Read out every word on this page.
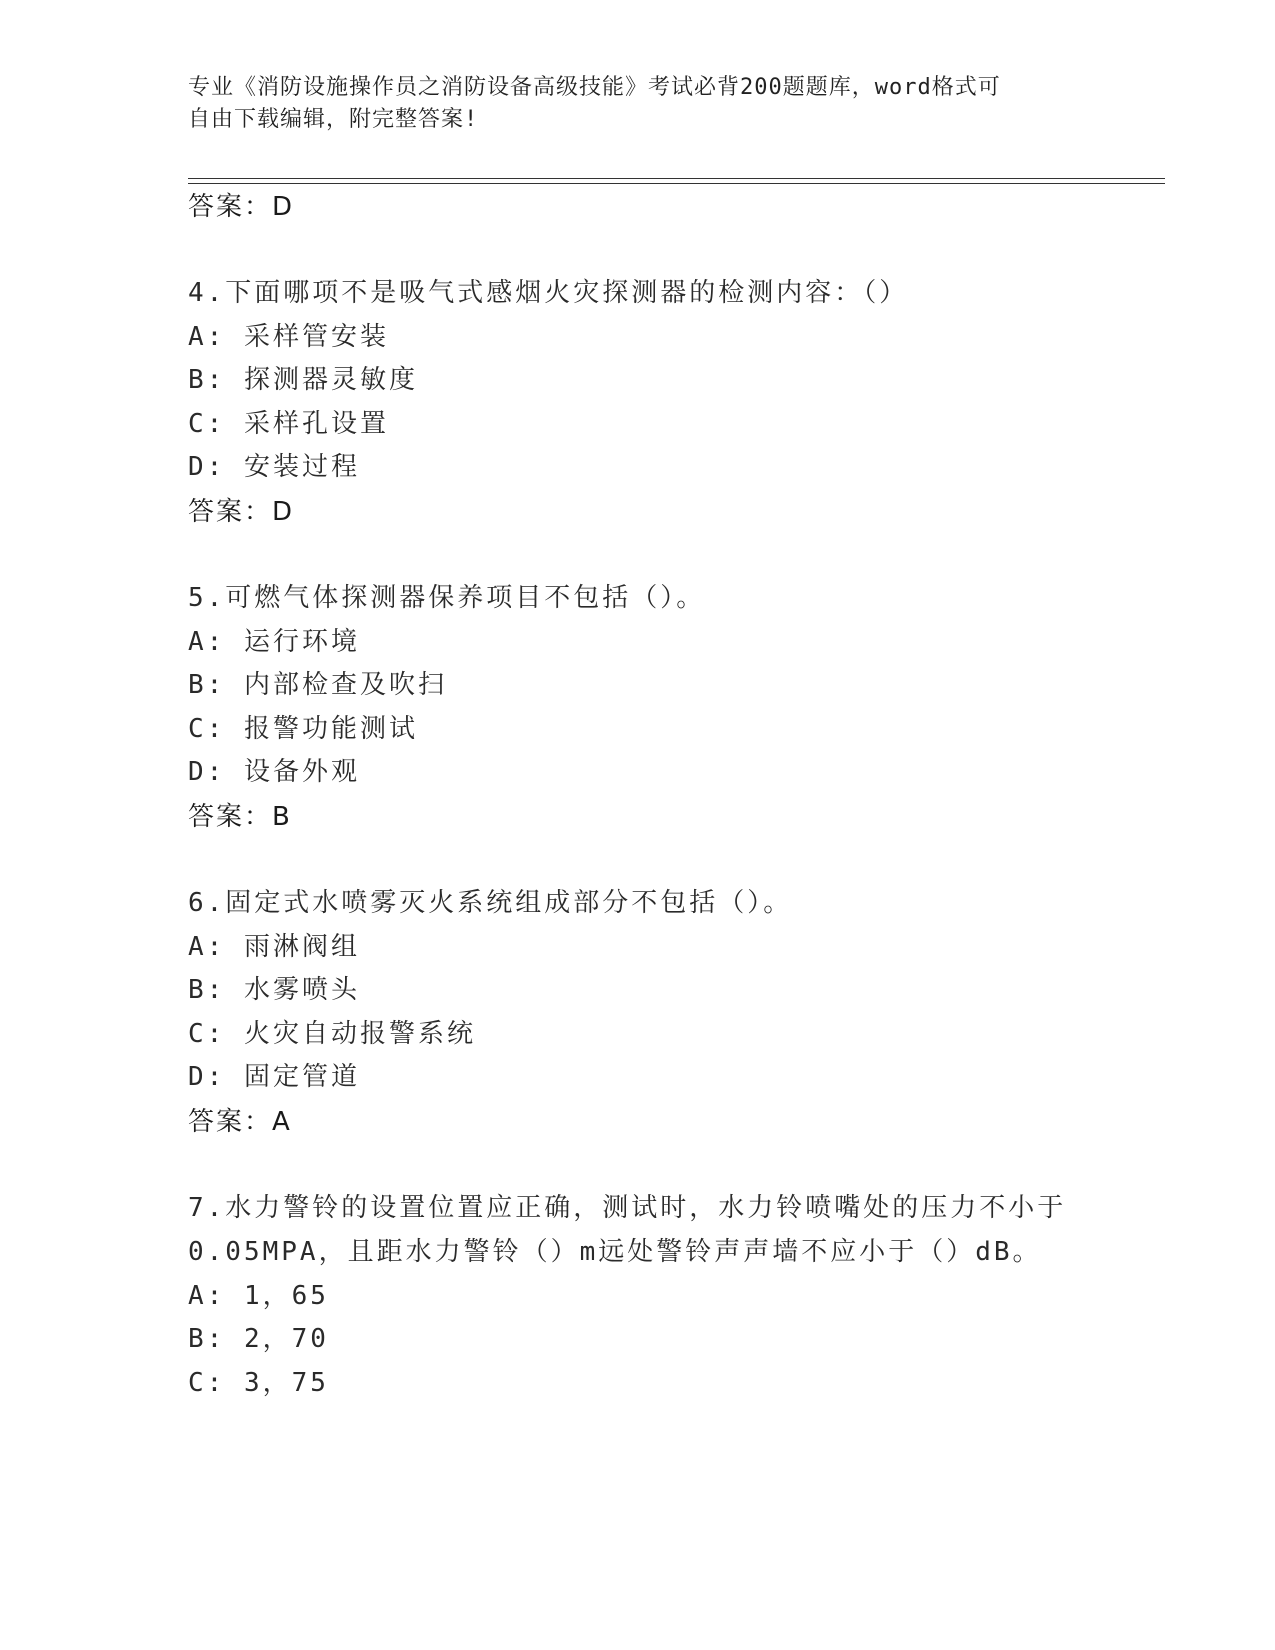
专业《消防设施操作员之消防设备高级技能》考试必背200题题库，word格式可
自由下载编辑，附完整答案!
答案：D
4.下面哪项不是吸气式感烟火灾探测器的检测内容：（）
A: 采样管安装
B: 探测器灵敏度
C: 采样孔设置
D: 安装过程
答案：D
5.可燃气体探测器保养项目不包括（）。
A: 运行环境
B: 内部检查及吹扫
C: 报警功能测试
D: 设备外观
答案：B
6.固定式水喷雾灭火系统组成部分不包括（）。
A: 雨淋阀组
B: 水雾喷头
C: 火灾自动报警系统
D: 固定管道
答案：A
7.水力警铃的设置位置应正确，测试时，水力铃喷嘴处的压力不小于
0.05MPA，且距水力警铃（）m远处警铃声声墙不应小于（）dB。
A: 1，65
B: 2，70
C: 3，75
